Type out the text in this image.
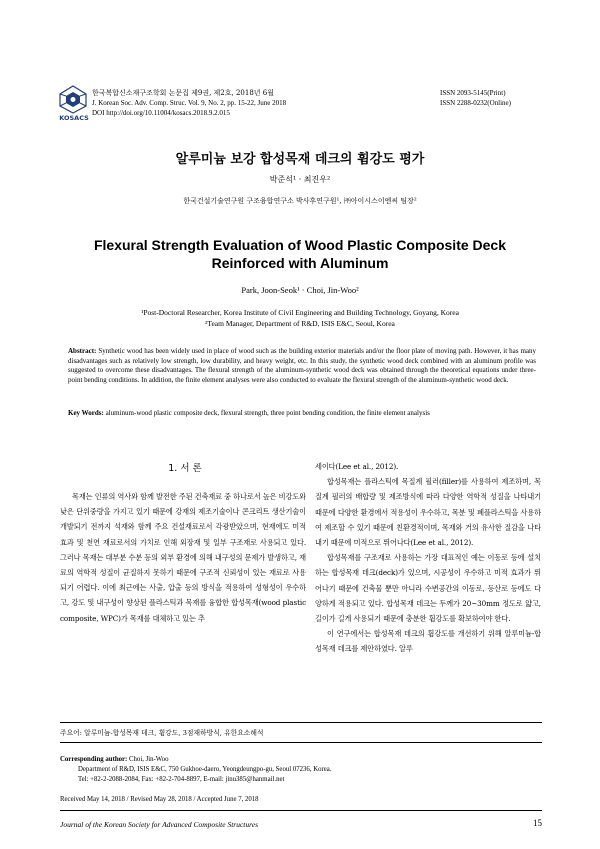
KOSACS
한국복합신소재구조학회 논문집 제9권, 제2호, 2018년 6월
J. Korean Soc. Adv. Comp. Struc. Vol. 9, No. 2, pp. 15-22, June 2018
DOI http://doi.org/10.11004/kosacs.2018.9.2.015
ISSN 2093-5145(Print)
ISSN 2288-0232(Online)
알루미늄 보강 합성목재 데크의 휨강도 평가
박준석¹ · 최진우²
한국건설기술연구원 구조융합연구소 박사후연구원¹, ㈜아이시스이엔씨 팀장²
Flexural Strength Evaluation of Wood Plastic Composite Deck
Reinforced with Aluminum
Park, Joon-Seok¹ · Choi, Jin-Woo²
¹Post-Doctoral Researcher, Korea Institute of Civil Engineering and Building Technology, Goyang, Korea
²Team Manager, Department of R&D, ISIS E&C, Seoul, Korea
Abstract: Synthetic wood has been widely used in place of wood such as the building exterior materials and/or the floor plate of moving path. However, it has many disadvantages such as relatively low strength, low durability, and heavy weight, etc. In this study, the synthetic wood deck combined with an aluminum profile was suggested to overcome these disadvantages. The flexural strength of the aluminum-synthetic wood deck was obtained through the theoretical equations under three-point bending conditions. In addition, the finite element analyses were also conducted to evaluate the flexural strength of the aluminum-synthetic wood deck.
Key Words: aluminum-wood plastic composite deck, flexural strength, three point bending condition, the finite element analysis
1. 서 론

목재는 인류의 역사와 함께 발전한 주된 건축재료 중 하나로서 높은 비강도와 낮은 단위중량을 가지고 있기 때문에 강재의 제조기술이나 콘크리트 생산기술이 개발되기 전까지 석재와 함께 주요 건설재료로서 각광받았으며, 현재에도 미적 효과 및 천연 재료로서의 가치로 인해 외장재 및 일부 구조재로 사용되고 있다. 그러나 목재는 대부분 수분 등의 외부 환경에 의해 내구성의 문제가 발생하고, 재료의 역학적 성질이 균질하지 못하기 때문에 구조적 신뢰성이 있는 재료로 사용되기 어렵다. 이에 최근에는 사출, 압출 등의 방식을 적용하여 성형성이 우수하고, 강도 및 내구성이 향상된 플라스틱과 목재를 융합한 합성목재(wood plastic composite, WPC)가 목재를 대체하고 있는 추

세이다(Lee et al., 2012).

합성목재는 플라스틱에 목질계 필러(filler)를 사용하여 제조하며, 목질계 필러의 배합량 및 제조방식에 따라 다양한 역학적 성질을 나타내기 때문에 다양한 환경에서 적용성이 우수하고, 목분 및 폐플라스틱을 사용하여 제조할 수 있기 때문에 친환경적이며, 목재와 거의 유사한 질감을 나타내기 때문에 미적으로 뛰어나다(Lee et al., 2012).

합성목재를 구조재로 사용하는 가장 대표적인 예는 이동로 등에 설치하는 합성목재 데크(deck)가 있으며, 시공성이 우수하고 미적 효과가 뛰어나기 때문에 건축물 뿐만 아니라 수변공간의 이동로, 등산로 등에도 다양하게 적용되고 있다. 합성목재 데크는 두께가 20~30mm 정도로 얇고, 길이가 길게 사용되기 때문에 충분한 휨강도를 확보하여야 한다.

이 연구에서는 합성목재 데크의 휨강도를 개선하기 위해 알루미늄-합성목재 데크를 제안하였다. 알루

주요어: 알루미늄-합성목재 데크, 휨강도, 3점재하방식, 유한요소해석
Corresponding author: Choi, Jin-Woo
Department of R&D, ISIS E&C, 750 Gukhoe-daero, Yeongdeungpo-gu, Seoul 07236, Korea.
Tel: +82-2-2088-2084, Fax: +82-2-704-8897, E-mail: jinu385@hanmail.net
Received May 14, 2018 / Revised May 28, 2018 / Accepted June 7, 2018
Journal of the Korean Society for Advanced Composite Structures	15
